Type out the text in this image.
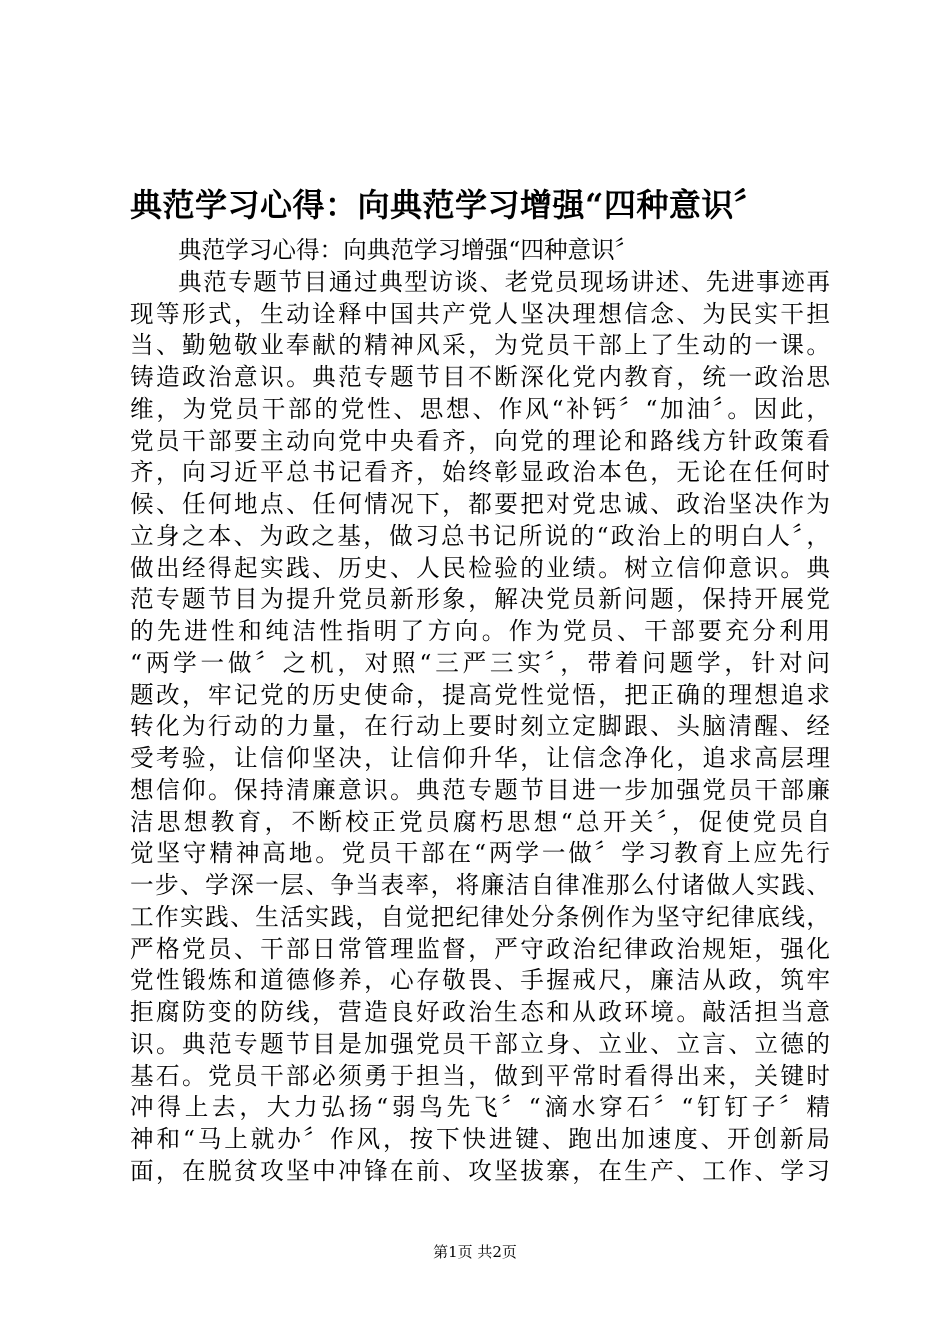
典范学习心得：向典范学习增强“四种意识〞
典范学习心得：向典范学习增强“四种意识〞
典范专题节目通过典型访谈、老党员现场讲述、先进事迹再
现等形式，生动诠释中国共产党人坚决理想信念、为民实干担
当、勤勉敬业奉献的精神风采，为党员干部上了生动的一课。
铸造政治意识。典范专题节目不断深化党内教育，统一政治思
维，为党员干部的党性、思想、作风“补钙〞“加油〞。因此，
党员干部要主动向党中央看齐，向党的理论和路线方针政策看
齐，向习近平总书记看齐，始终彰显政治本色，无论在任何时
候、任何地点、任何情况下，都要把对党忠诚、政治坚决作为
立身之本、为政之基，做习总书记所说的“政治上的明白人〞，
做出经得起实践、历史、人民检验的业绩。树立信仰意识。典
范专题节目为提升党员新形象，解决党员新问题，保持开展党
的先进性和纯洁性指明了方向。作为党员、干部要充分利用
“两学一做〞之机，对照“三严三实〞，带着问题学，针对问
题改，牢记党的历史使命，提高党性觉悟，把正确的理想追求
转化为行动的力量，在行动上要时刻立定脚跟、头脑清醒、经
受考验，让信仰坚决，让信仰升华，让信念净化，追求高层理
想信仰。保持清廉意识。典范专题节目进一步加强党员干部廉
洁思想教育，不断校正党员腐朽思想“总开关〞，促使党员自
觉坚守精神高地。党员干部在“两学一做〞学习教育上应先行
一步、学深一层、争当表率，将廉洁自律准那么付诸做人实践、
工作实践、生活实践，自觉把纪律处分条例作为坚守纪律底线，
严格党员、干部日常管理监督，严守政治纪律政治规矩，强化
党性锻炼和道德修养，心存敬畏、手握戒尺，廉洁从政，筑牢
拒腐防变的防线，营造良好政治生态和从政环境。敲活担当意
识。典范专题节目是加强党员干部立身、立业、立言、立德的
基石。党员干部必须勇于担当，做到平常时看得出来，关键时
冲得上去，大力弘扬“弱鸟先飞〞“滴水穿石〞“钉钉子〞精
神和“马上就办〞作风，按下快进键、跑出加速度、开创新局
面，在脱贫攻坚中冲锋在前、攻坚拔寨，在生产、工作、学习
第1页 共2页
